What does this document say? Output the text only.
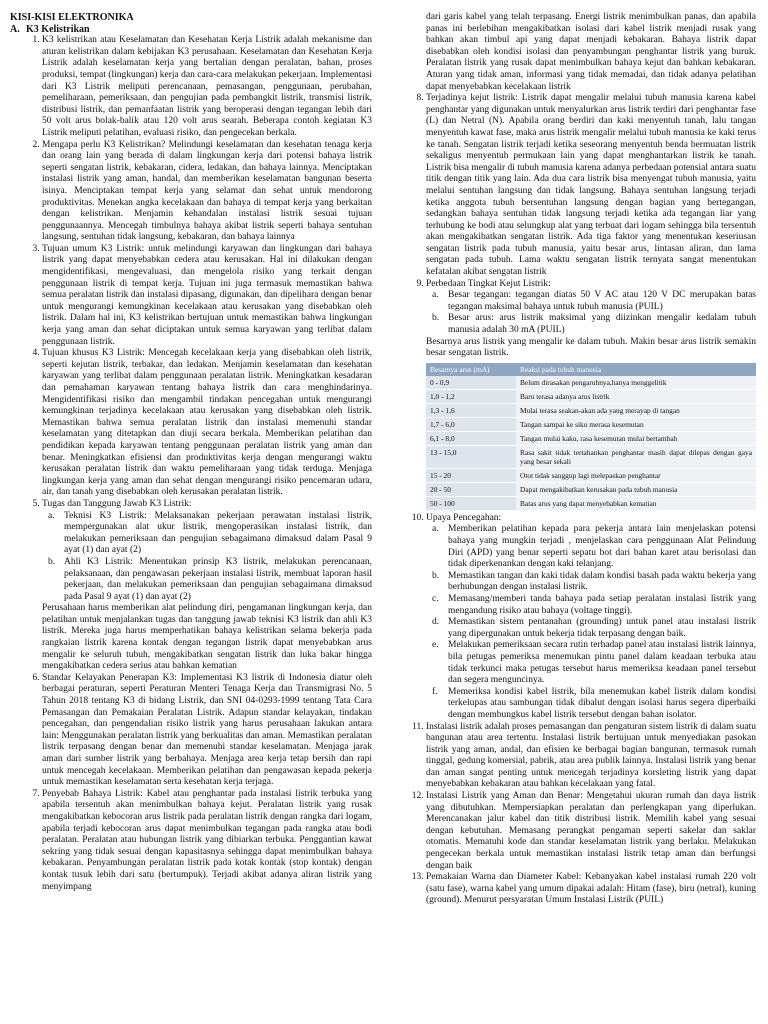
KISI-KISI ELEKTRONIKA

A. K3 Kelistrikan

1. K3 kelistrikan atau Keselamatan dan Kesehatan Kerja Listrik adalah mekanisme dan aturan kelistrikan dalam kebijakan K3 perusahaan. Keselamatan dan Kesehatan Kerja Listrik adalah keselamatan kerja yang bertalian dengan peralatan, bahan, proses produksi, tempat (lingkungan) kerja dan cara-cara melakukan pekerjaan. Implementasi dari K3 Listrik meliputi perencanaan, pemasangan, penggunaan, perubahan, pemeliharaan, pemeriksaan, dan pengujian pada pembangkit listrik, transmisi listrik, distribusi listrik, dan pemanfaatan listrik yang beroperasi dengan tegangan lebih dari 50 volt arus bolak-balik atau 120 volt arus searah. Beberapa contoh kegiatan K3 Listrik meliputi pelatihan, evaluasi risiko, dan pengecekan berkala.
2. Mengapa perlu K3 Kelistrikan? Melindungi keselamatan dan kesehatan tenaga kerja dan orang lain yang berada di dalam lingkungan kerja dari potensi bahaya listrik seperti sengatan listrik, kebakaran, cidera, ledakan, dan bahaya lainnya. Menciptakan instalasi listrik yang aman, handal, dan memberikan keselamatan bangunan beserta isinya. Menciptakan tempat kerja yang selamat dan sehat untuk mendorong produktivitas. Menekan angka kecelakaan dan bahaya di tempat kerja yang berkaitan dengan kelistrikan. Menjamin kehandalan instalasi listrik sesuai tujuan penggunaannya. Mencegah timbulnya bahaya akibat listrik seperti bahaya sentuhan langsung, sentuhan tidak langsung, kebakaran, dan bahaya lainnya
3. Tujuan umum K3 Listrik: untuk melindungi karyawan dan lingkungan dari bahaya listrik yang dapat menyebabkan cedera atau kerusakan. Hal ini dilakukan dengan mengidentifikasi, mengevaluasi, dan mengelola risiko yang terkait dengan penggunaan listrik di tempat kerja. Tujuan ini juga termasuk memastikan bahwa semua peralatan listrik dan instalasi dipasang, digunakan, dan dipelihara dengan benar untuk mengurangi kemungkinan kecelakaan atau kerusakan yang disebabkan oleh listrik. Dalam hal ini, K3 kelistrikan bertujuan untuk memastikan bahwa lingkungan kerja yang aman dan sehat diciptakan untuk semua karyawan yang terlibat dalam penggunaan listrik.
4. Tujuan khusus K3 Listrik: Mencegah kecelakaan kerja yang disebabkan oleh listrik, seperti kejutan listrik, terbakar, dan ledakan. Menjamin keselamatan dan kesehatan karyawan yang terlibat dalam penggunaan peralatan listrik. Meningkatkan kesadaran dan pemahaman karyawan tentang bahaya listrik dan cara menghindarinya. Mengidentifikasi risiko dan mengambil tindakan pencegahan untuk mengurangi kemungkinan terjadinya kecelakaan atau kerusakan yang disebabkan oleh listrik. Memastikan bahwa semua peralatan listrik dan instalasi memenuhi standar keselamatan yang ditetapkan dan diuji secara berkala. Memberikan pelatihan dan pendidikan kepada karyawan tentang penggunaan peralatan listrik yang aman dan benar. Meningkatkan efisiensi dan produktivitas kerja dengan mengurangi waktu kerusakan peralatan listrik dan waktu pemeliharaan yang tidak terduga. Menjaga lingkungan kerja yang aman dan sehat dengan mengurangi risiko pencemaran udara, air, dan tanah yang disebabkan oleh kerusakan peralatan listrik.
5. Tugas dan Tanggung Jawab K3 Listrik:
a. Teknisi K3 Listrik: Melaksanakan pekerjaan perawatan instalasi listrik, mempergunakan alat ukur listrik, mengoperasikan instalasi listrik, dan melakukan pemeriksaan dan pengujian sebagaimana dimaksud dalam Pasal 9 ayat (1) dan ayat (2)
b. Ahli K3 Listrik: Menentukan prinsip K3 listrik, melakukan perencanaan, pelaksanaan, dan pengawasan pekerjaan instalasi listrik, membuat laporan hasil pekerjaan, dan melakukan pemeriksaan dan pengujian sebagaimana dimaksud pada Pasal 9 ayat (1) dan ayat (2)

Perusahaan harus memberikan alat pelindung diri, pengamanan lingkungan kerja, dan pelatihan untuk menjalankan tugas dan tanggung jawab teknisi K3 listrik dan ahli K3 listrik. Mereka juga harus memperhatikan bahaya kelistrikan selama bekerja pada rangkaian listrik karena kontak dengan tegangan listrik dapat menyebabkan arus mengalir ke seluruh tubuh, mengakibatkan sengatan listrik dan luka bakar hingga mengakibatkan cedera serius atau bahkan kematian

6. Standar Kelayakan Penerapan K3: Implementasi K3 listrik di Indonesia diatur oleh berbagai peraturan, seperti Peraturan Menteri Tenaga Kerja dan Transmigrasi No. 5 Tahun 2018 tentang K3 di bidang Listrik, dan SNI 04-0293-1999 tentang Tata Cara Pemasangan dan Pemakaian Peralatan Listrik. Adapun standar kelayakan, tindakan pencegahan, dan pengendalian risiko listrik yang harus perusahaan lakukan antara lain: Menggunakan peralatan listrik yang berkualitas dan aman. Memastikan peralatan listrik terpasang dengan benar dan memenuhi standar keselamatan. Menjaga jarak aman dari sumber listrik yang berbahaya. Menjaga area kerja tetap bersih dan rapi untuk mencegah kecelakaan. Memberikan pelatihan dan pengawasan kepada pekerja untuk memastikan keselamatan serta kesehatan kerja terjaga.
7. Penyebab Bahaya Listrik: Kabel atau penghantar pada instalasi listrik terbuka yang apabila tersentuh akan menimbulkan bahaya kejut. Peralatan listrik yang rusak mengakibatkan kebocoran arus listrik pada peralatan listrik dengan rangka dari logam, apabila terjadi kebocoran arus dapat menimbulkan tegangan pada rangka atau bodi peralatan. Peralatan atau hubungan listrik yang dibiarkan terbuka. Penggantian kawat sekring yang tidak sesuai dengan kapasitasnya sehingga dapat menimbulkan bahaya kebakaran. Penyambungan peralatan listrik pada kotak kontak (stop kontak) dengan kontak tusuk lebih dari satu (bertumpuk). Terjadi akibat adanya aliran listrik yang menyimpang

dari garis kabel yang telah terpasang. Energi listrik menimbulkan panas, dan apabila panas ini berlebihan mengakibatkan isolasi dari kabel listrik menjadi rusak yang bahkan akan timbul api yang dapat menjadi kebakaran. Bahaya listrik dapat disebabkan oleh kondisi isolasi dan penyambungan penghantar listrik yang buruk. Peralatan listrik yang rusak dapat menimbulkan bahaya kejut dan bahkan kebakaran. Aturan yang tidak aman, informasi yang tidak memadai, dan tidak adanya pelatihan dapat menyebabkan kecelakaan listrik

8. Terjadinya kejut listrik: Listrik dapat mengalir melalui tubuh manusia karena kabel penghantar yang digunakan untuk menyalurkan arus listrik terdiri dari penghantar fase (L) dan Netral (N). Apabila orang berdiri dan kaki menyentuh tanah, lalu tangan menyentuh kawat fase, maka arus listrik mengalir melalui tubuh manusia ke kaki terus ke tanah. Sengatan listrik terjadi ketika seseorang menyentuh benda bermuatan listrik sekaligus menyentuh permukaan lain yang dapat menghantarkan listrik ke tanah. Listrik bisa mengalir di tubuh manusia karena adanya perbedaan potensial antara suatu titik dengan titik yang lain. Ada dua cara listrik bisa menyengat tubuh manusia, yaitu melalui sentuhan langsung dan tidak langsung. Bahaya sentuhan langsung terjadi ketika anggota tubuh bersentuhan langsung dengan bagian yang bertegangan, sedangkan bahaya sentuhan tidak langsung terjadi ketika ada tegangan liar yang terhubung ke bodi atau selungkup alat yang terbuat dari logam sehingga bila tersentuh akan mengakibatkan sengatan listrik. Ada tiga faktor yang menentukan keseriusan sengatan listrik pada tubuh manusia, yaitu besar arus, lintasan aliran, dan lama sengatan pada tubuh. Lama waktu sengatan listrik ternyata sangat menentukan kefatalan akibat sengatan listrik
9. Perbedaan Tingkat Kejut Listrik:
a. Besar tegangan: tegangan diatas 50 V AC atau 120 V DC merupakan batas tegangan maksimal bahaya untuk tubuh manusia (PUIL)
b. Besar arus: arus listrik maksimal yang diizinkan mengalir kedalam tubuh manusia adalah 30 mA (PUIL)

Besarnya arus listrik yang mengalir ke dalam tubuh. Makin besar arus listrik semakin besar sengatan listrik.

Besarnya arus (mA)	Reaksi pada tubuh manusia
0 - 0,9	Belum dirasakan pengaruhnya,hanya menggelitik
1,0 - 1,2	Baru terasa adanya arus listrik
1,3 - 1,6	Mulai terasa seakan-akan ada yang merayap di tangan
1,7 - 6,0	Tangan sampai ke siku merasa kesemutan
6,1 - 8,0	Tangan mulai kaku, rasa kesemutan mulai bertambah
13 - 15,0	Rasa sakit tidak tertahankan penghantar masih dapat dilepas dengan gaya yang besar sekali
15 - 20	Otot tidak sanggup lagi melepaskan penghantar
20 - 50	Dapat mengakibatkan kerusakan pada tubuh manusia
50 - 100	Batas arus yang dapat menyebabkan kematian
10. Upaya Pencegahan:
a. Memberikan pelatihan kepada para pekerja antara lain menjelaskan potensi bahaya yang mungkin terjadi , menjelaskan cara penggunaan Alat Pelindung Diri (APD) yang benar seperti sepatu bot dari bahan karet atau berisolasi dan tidak diperkenankan dengan kaki telanjang.
b. Memastikan tangan dan kaki tidak dalam kondisi basah pada waktu bekerja yang berhubungan dengan instalasi listrik.
c. Memasang/memberi tanda bahaya pada setiap peralatan instalasi listrik yang mengandung risiko atau bahaya (voltage tinggi).
d. Memastikan sistem pentanahan (grounding) untuk panel atau instalasi listrik yang dipergunakan untuk bekerja tidak terpasang dengan baik.
e. Melakukan pemeriksaan secara rutin terhadap panel atau instalasi listrik lainnya, bila petugas pemeriksa menemukan pintu panel dalam keadaan terbuka atau tidak terkunci maka petugas tersebut harus memeriksa keadaan panel tersebut dan segera menguncinya.
f. Memeriksa kondisi kabel listrik, bila menemukan kabel listrik dalam kondisi terkelupas atau sambungan tidak dibalut dengan isolasi harus segera diperbaiki dengan membungkus kabel listrik tersebut dengan bahan isolator.
11. Instalasi listrik adalah proses pemasangan dan pengaturan sistem listrik di dalam suatu bangunan atau area tertentu. Instalasi listrik bertujuan untuk menyediakan pasokan listrik yang aman, andal, dan efisien ke berbagai bagian bangunan, termasuk rumah tinggal, gedung komersial, pabrik, atau area publik lainnya. Instalasi listrik yang benar dan aman sangat penting untuk mencegah terjadinya korsleting listrik yang dapat menyebabkan kebakaran atau bahkan kecelakaan yang fatal.
12. Instalasi Listrik yang Aman dan Benar: Mengetahui ukuran rumah dan daya listrik yang dibutuhkan. Mempersiapkan peralatan dan perlengkapan yang diperlukan. Merencanakan jalur kabel dan titik distribusi listrik. Memilih kabel yang sesuai dengan kebutuhan. Memasang perangkat pengaman seperti sakelar dan saklar otomatis. Mematuhi kode dan standar keselamatan listrik yang berlaku. Melakukan pengecekan berkala untuk memastikan instalasi listrik tetap aman dan berfungsi dengan baik
13. Pemakaian Warna dan Diameter Kabel: Kebanyakan kabel instalasi rumah 220 volt (satu fase), warna kabel yang umum dipakai adalah: Hitam (fase), biru (netral), kuning (ground). Menurut persyaratan Umum Instalasi Listrik (PUIL)
